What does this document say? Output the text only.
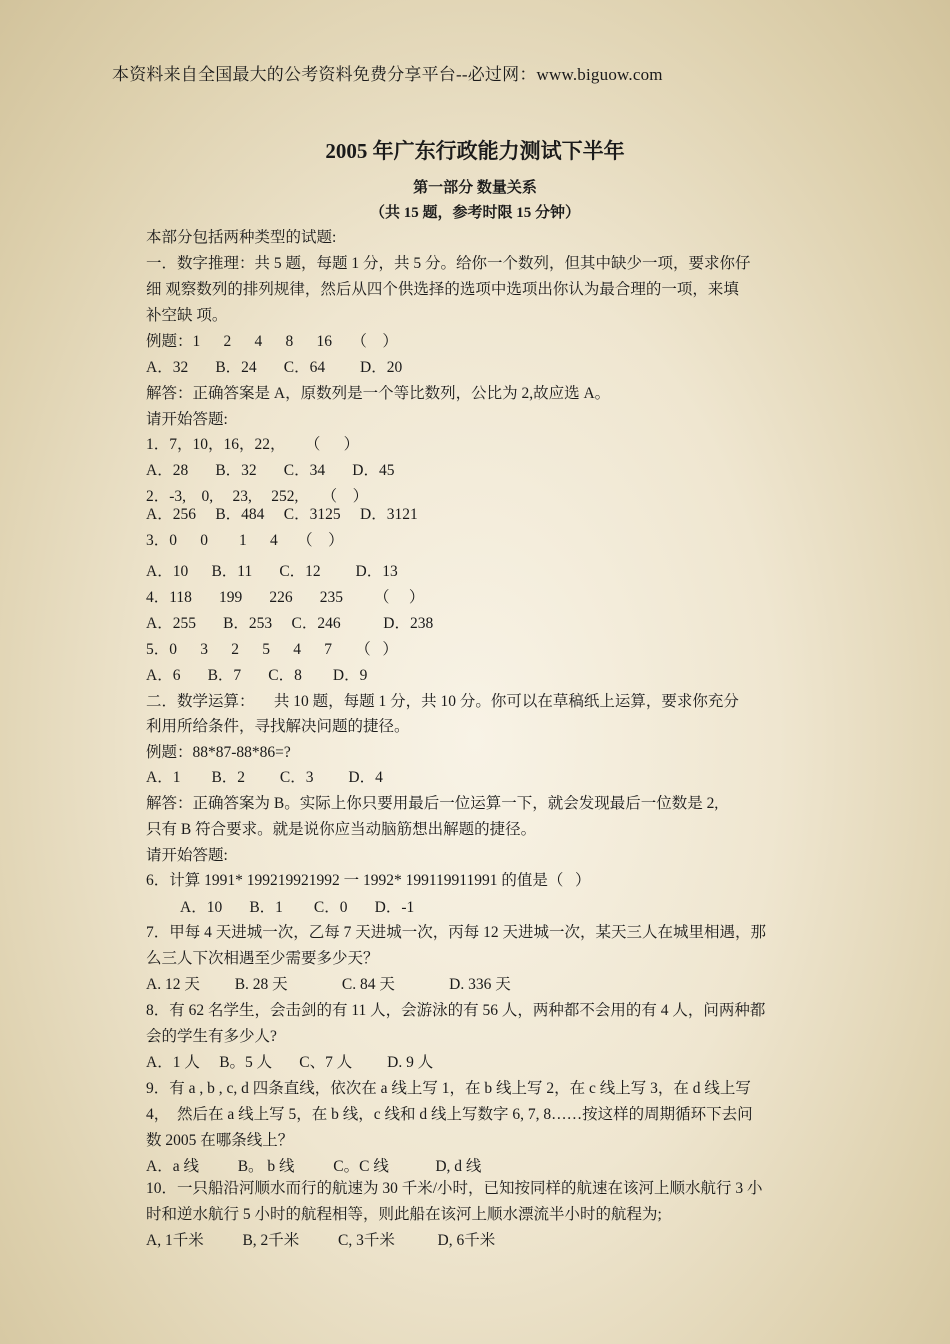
本资料来自全国最大的公考资料免费分享平台--必过网：www.biguow.com
2005 年广东行政能力测试下半年
第一部分 数量关系
（共 15 题，参考时限 15 分钟）
本部分包括两种类型的试题:
一．数字推理：共 5 题，每题 1 分，共 5 分。给你一个数列，但其中缺少一项，要求你仔
细 观察数列的排列规律，然后从四个供选择的选项中选项出你认为最合理的一项，来填
补空缺 项。
例题：1      2      4      8      16     （    ）
A．32       B．24       C．64         D．20
解答：正确答案是 A，原数列是一个等比数列，公比为 2,故应选 A。
请开始答题:
1．7，10，16，22，     （      ）
A．28       B．32       C．34       D．45
2．-3,    0,     23,     252,      （    ）
A．256     B．484     C．3125     D．3121
3．0      0        1      4     （    ）
A．10      B．11       C．12         D．13
4．118       199       226       235        （     ）
A．255       B．253     C．246           D．238
5．0      3      2      5      4      7      （   ）
A．6       B．7       C．8        D．9
二．数学运算：     共 10 题，每题 1 分，共 10 分。你可以在草稿纸上运算，要求你充分
利用所给条件，寻找解决问题的捷径。
例题：88*87-88*86=?
A．1        B．2         C．3         D．4
解答：正确答案为 B。实际上你只要用最后一位运算一下，就会发现最后一位数是 2,
只有 B 符合要求。就是说你应当动脑筋想出解题的捷径。
请开始答题:
6．计算 1991* 199219921992 一 1992* 199119911991 的值是（   ）
A．10       B．1        C．0       D．-1
7．甲每 4 天进城一次，乙每 7 天进城一次，丙每 12 天进城一次，某天三人在城里相遇，那
么三人下次相遇至少需要多少天？
A. 12 天         B. 28 天              C. 84 天              D. 336 天
8．有 62 名学生，会击剑的有 11 人，会游泳的有 56 人，两种都不会用的有 4 人，问两种都
会的学生有多少人?
A．1 人     B。5 人       C、7 人         D. 9 人
9．有 a , b , c, d 四条直线，依次在 a 线上写 1，在 b 线上写 2，在 c 线上写 3，在 d 线上写
4，  然后在 a 线上写 5，在 b 线，c 线和 d 线上写数字 6, 7, 8……按这样的周期循环下去问
数 2005 在哪条线上？
A．a 线          B。 b 线          C。C 线            D, d 线
10．一只船沿河顺水而行的航速为 30 千米/小时，已知按同样的航速在该河上顺水航行 3 小
时和逆水航行 5 小时的航程相等，则此船在该河上顺水漂流半小时的航程为;
A, 1千米          B, 2千米          C, 3千米           D, 6千米
